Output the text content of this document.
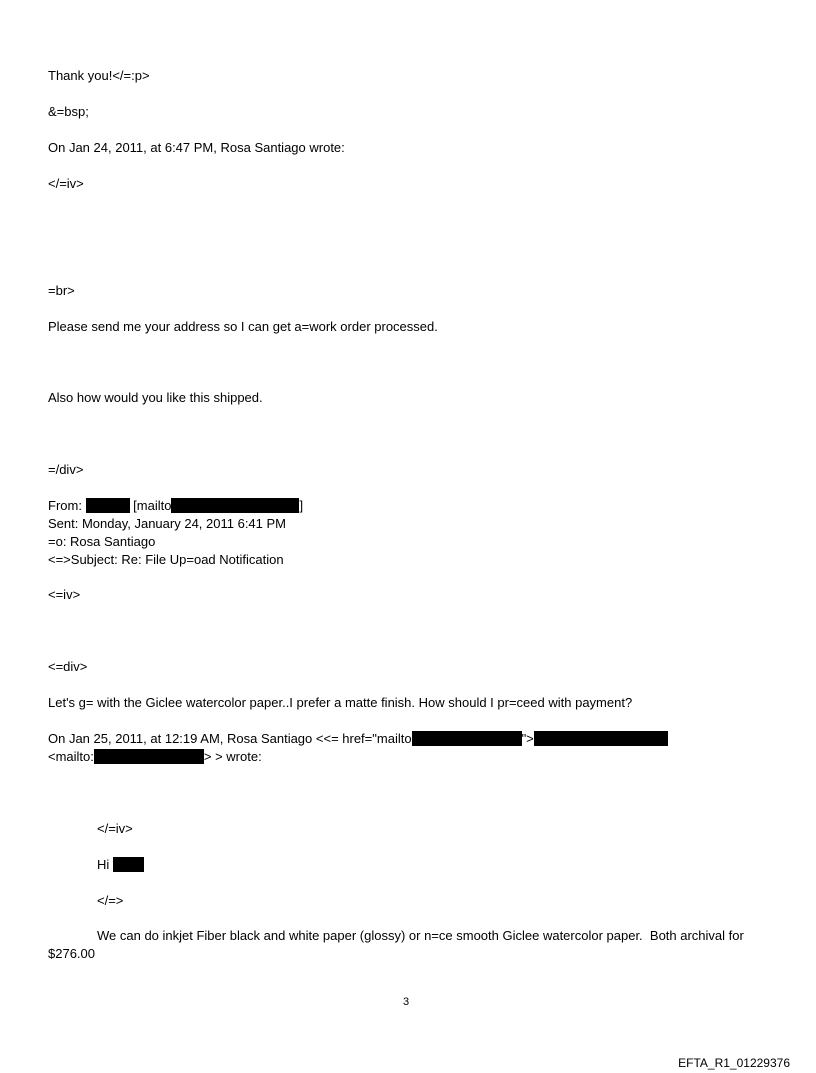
Thank you!</=:p>
&=bsp;
On Jan 24, 2011, at 6:47 PM, Rosa Santiago wrote:
</=iv>
=br>
Please send me your address so I can get a=work order processed.
Also how would you like this shipped.
=/div>
From:	[mailto	]
Sent: Monday, January 24, 2011 6:41 PM
=o: Rosa Santiago
<=>Subject: Re: File Up=oad Notification
<=iv>
<=div>
Let's g= with the Giclee watercolor paper..I prefer a matte finish. How should I pr=ceed with payment?
On Jan 25, 2011, at 12:19 AM, Rosa Santiago <<= href="mailto	">
<mailto:	> > wrote:
</=iv>
Hi
</=>
We can do inkjet Fiber black and white paper (glossy) or n=ce smooth Giclee watercolor paper.  Both archival for
$276.00
3
EFTA_R1_01229376
